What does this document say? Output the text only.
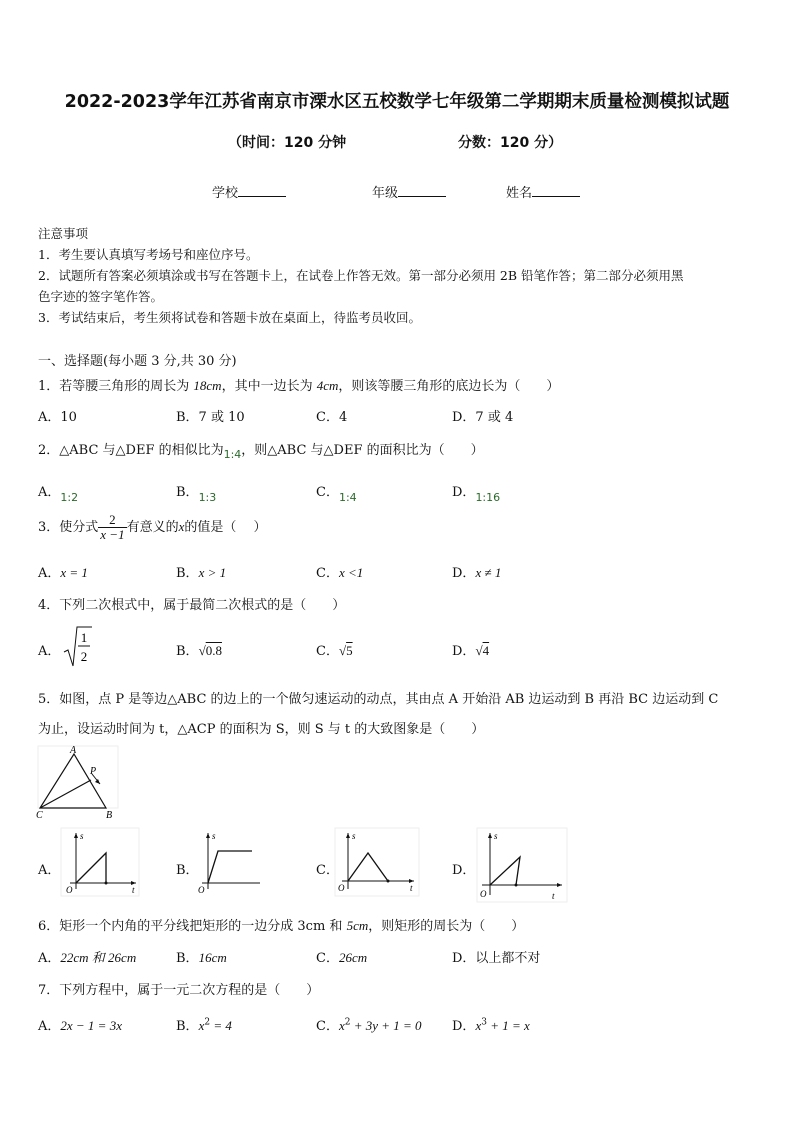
2022-2023学年江苏省南京市溧水区五校数学七年级第二学期期末质量检测模拟试题
（时间：120 分钟	分数：120 分）
学校	年级	姓名
注意事项
1．考生要认真填写考场号和座位序号。
2．试题所有答案必须填涂或书写在答题卡上，在试卷上作答无效。第一部分必须用 2B 铅笔作答；第二部分必须用黑
色字迹的签字笔作答。
3．考试结束后，考生须将试卷和答题卡放在桌面上，待监考员收回。
一、选择题(每小题 3 分,共 30 分)
1．若等腰三角形的周长为 18cm，其中一边长为 4cm，则该等腰三角形的底边长为（　　）
A．10	B．7 或 10	C．4	D．7 或 4
2．△ABC 与△DEF 的相似比为$_{1:4}$，则△ABC 与△DEF 的面积比为（　　）
A．$_{1:2}$	B．$_{1:3}$	C．$_{1:4}$	D．$_{1:16}$
3．使分式 $\frac{2}{x -1}$ 有意义的x的值是（　 ）
A．x = 1	B．x > 1	C．x <1	D．x ≠ 1
4．下列二次根式中，属于最简二次根式的是（　　）
A．
1
2	B．√0.8	C．√5	D．√4
5．如图，点 P 是等边△ABC 的边上的一个做匀速运动的动点，其由点 A 开始沿 AB 边运动到 B 再沿 BC 边运动到 C
为止，设运动时间为 t，△ACP 的面积为 S，则 S 与 t 的大致图象是（　　）
A
P
C	B
A．
s
t
O
B．
s
O
C．
s
t
O
D．
s
t
O
6．矩形一个内角的平分线把矩形的一边分成 3cm 和 5cm，则矩形的周长为（　　）
A．22cm 和 26cm	B．16cm	C．26cm	D．以上都不对
7．下列方程中，属于一元二次方程的是（　　）
A．2x − 1 = 3x	B．$x^2 = 4$	C．$x^2 + 3y + 1 = 0$ D．$x^3 + 1 = x$
